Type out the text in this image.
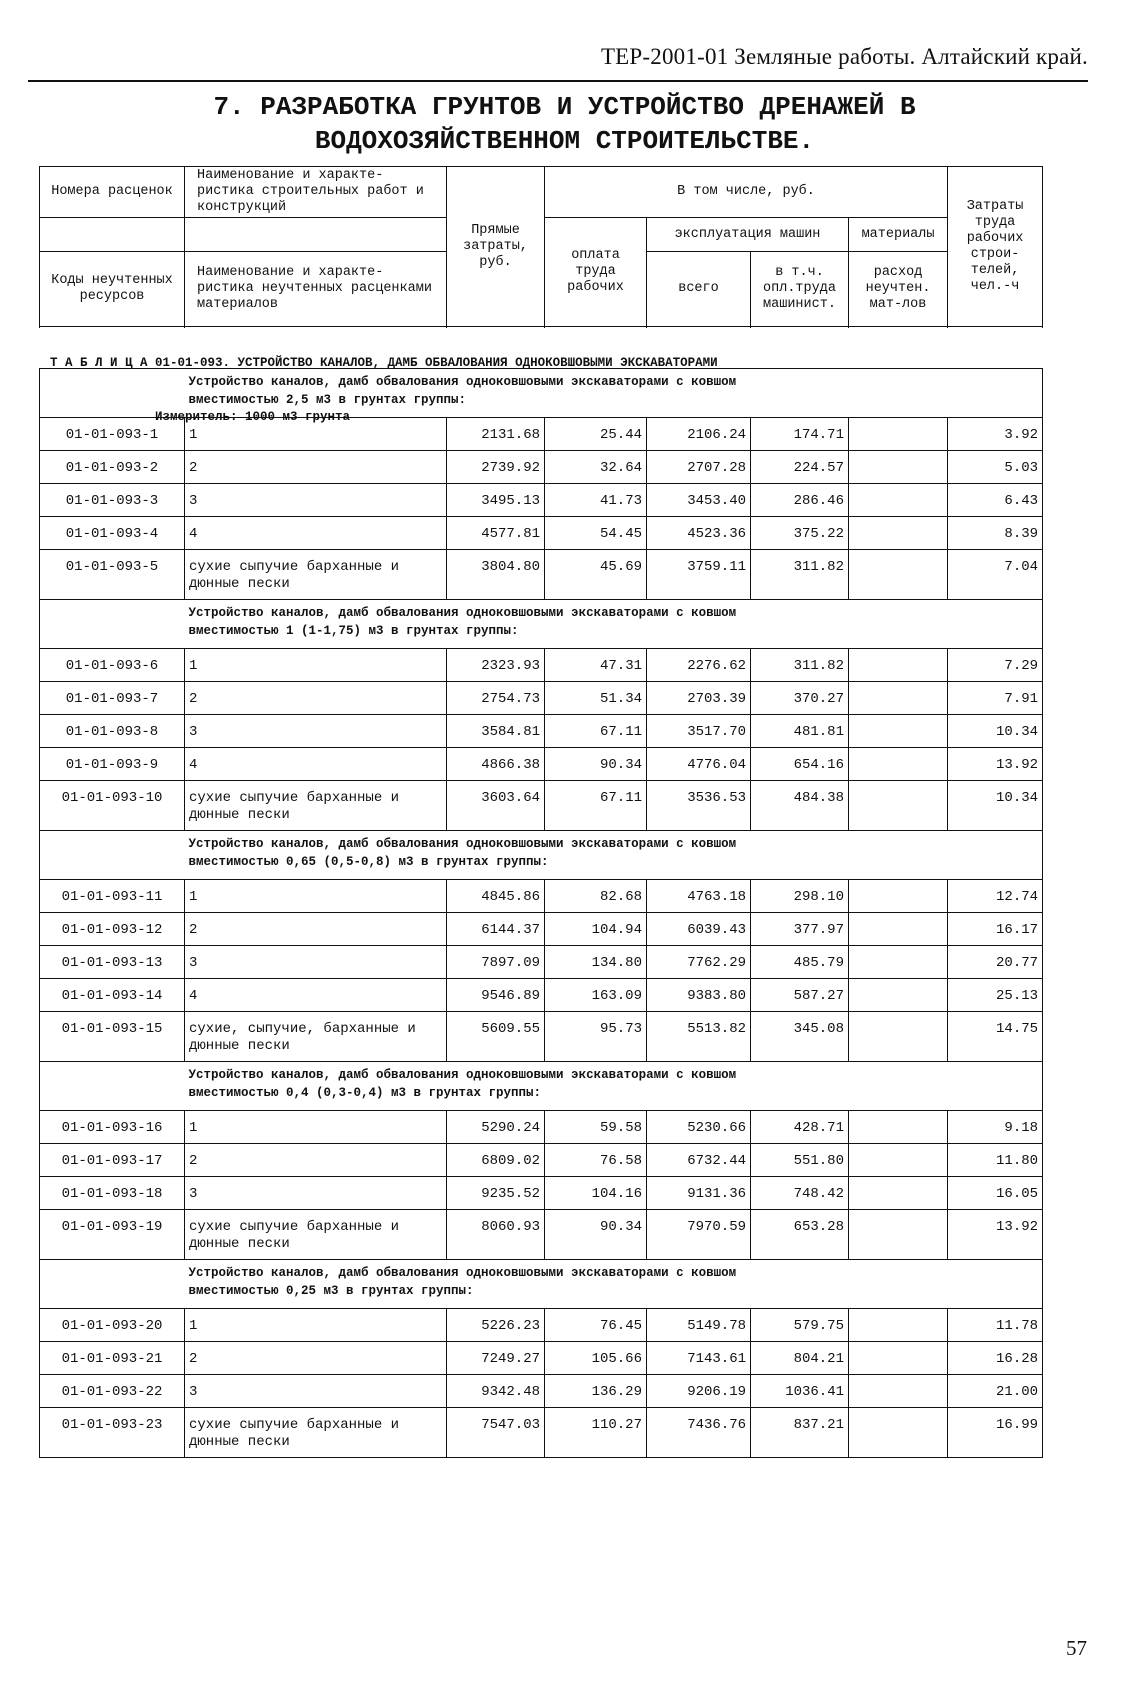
ТЕР-2001-01 Земляные работы. Алтайский край.
7. РАЗРАБОТКА ГРУНТОВ И УСТРОЙСТВО ДРЕНАЖЕЙ В
ВОДОХОЗЯЙСТВЕННОМ СТРОИТЕЛЬСТВЕ.
Номера расценок	Наименование и характе- ристика строительных работ и конструкций	Прямые затраты, руб.	В том числе, руб.				Затраты труда рабочих строи- телей, чел.-ч
			оплата труда рабочих	эксплуатация машин		материалы	
Коды неучтенных ресурсов	Наименование и характе- ристика неучтенных расценками материалов			всего	в т.ч. опл.труда машинист.	расход неучтен. мат-лов	

Т А Б Л И Ц А 01-01-093. УСТРОЙСТВО КАНАЛОВ, ДАМБ ОБВАЛОВАНИЯ ОДНОКОВШОВЫМИ ЭКСКАВАТОРАМИ

Измеритель: 1000 м3 грунта

	Устройство каналов, дамб обвалования одноковшовыми экскаваторами с ковшом
вместимостью 2,5 м3 в грунтах группы:						
01-01-093-1	1	2131.68	25.44	2106.24	174.71		3.92
01-01-093-2	2	2739.92	32.64	2707.28	224.57		5.03
01-01-093-3	3	3495.13	41.73	3453.40	286.46		6.43
01-01-093-4	4	4577.81	54.45	4523.36	375.22		8.39
01-01-093-5	сухие сыпучие барханные и дюнные пески	3804.80	45.69	3759.11	311.82		7.04
	Устройство каналов, дамб обвалования одноковшовыми экскаваторами с ковшом
вместимостью 1 (1-1,75) м3 в грунтах группы:						
01-01-093-6	1	2323.93	47.31	2276.62	311.82		7.29
01-01-093-7	2	2754.73	51.34	2703.39	370.27		7.91
01-01-093-8	3	3584.81	67.11	3517.70	481.81		10.34
01-01-093-9	4	4866.38	90.34	4776.04	654.16		13.92
01-01-093-10	сухие сыпучие барханные и дюнные пески	3603.64	67.11	3536.53	484.38		10.34
	Устройство каналов, дамб обвалования одноковшовыми экскаваторами с ковшом
вместимостью 0,65 (0,5-0,8) м3 в грунтах группы:						
01-01-093-11	1	4845.86	82.68	4763.18	298.10		12.74
01-01-093-12	2	6144.37	104.94	6039.43	377.97		16.17
01-01-093-13	3	7897.09	134.80	7762.29	485.79		20.77
01-01-093-14	4	9546.89	163.09	9383.80	587.27		25.13
01-01-093-15	сухие, сыпучие, барханные и дюнные пески	5609.55	95.73	5513.82	345.08		14.75
	Устройство каналов, дамб обвалования одноковшовыми экскаваторами с ковшом
вместимостью 0,4 (0,3-0,4) м3 в грунтах группы:						
01-01-093-16	1	5290.24	59.58	5230.66	428.71		9.18
01-01-093-17	2	6809.02	76.58	6732.44	551.80		11.80
01-01-093-18	3	9235.52	104.16	9131.36	748.42		16.05
01-01-093-19	сухие сыпучие барханные и дюнные пески	8060.93	90.34	7970.59	653.28		13.92
	Устройство каналов, дамб обвалования одноковшовыми экскаваторами с ковшом
вместимостью 0,25 м3 в грунтах группы:						
01-01-093-20	1	5226.23	76.45	5149.78	579.75		11.78
01-01-093-21	2	7249.27	105.66	7143.61	804.21		16.28
01-01-093-22	3	9342.48	136.29	9206.19	1036.41		21.00
01-01-093-23	сухие сыпучие барханные и дюнные пески	7547.03	110.27	7436.76	837.21		16.99
57
